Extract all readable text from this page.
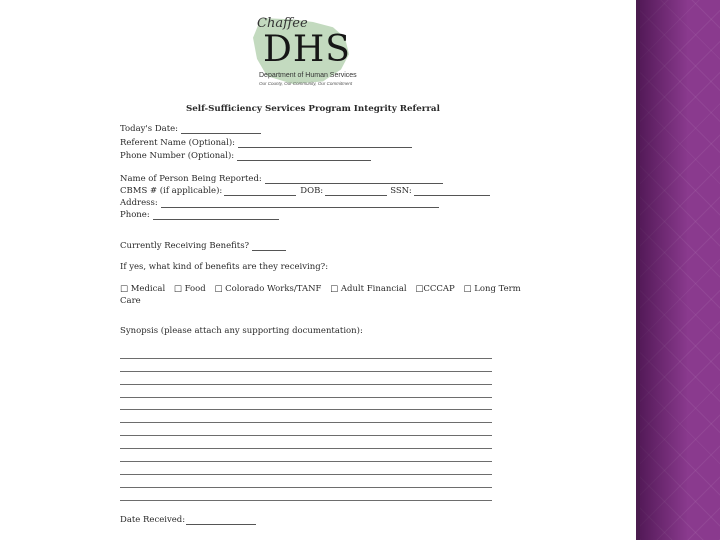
Chaffee
DHS
Department of Human Services
Our County, Our Community, Our Commitment
Self-Sufficiency Services Program Integrity Referral
Today's Date:
Referent Name (Optional):
Phone Number (Optional):
Name of Person Being Reported:
CBMS # (if applicable):	DOB:	SSN:
Address:
Phone:
Currently Receiving Benefits?
If yes, what kind of benefits are they receiving?:
□ Medical □ Food □ Colorado Works/TANF □ Adult Financial □CCCAP □ Long Term
Care
Synopsis (please attach any supporting documentation):
Date Received:
